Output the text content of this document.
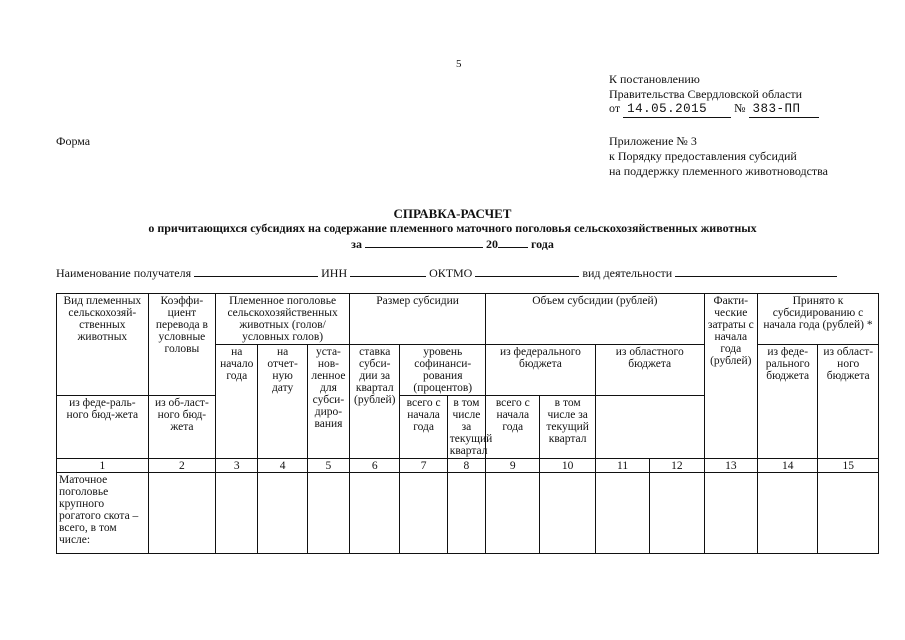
5
К постановлению
Правительства Свердловской области
от 14.05.2015 № 383-ПП
Форма	Приложение № 3
к Порядку предоставления субсидий
на поддержку племенного животноводства
СПРАВКА-РАСЧЕТ
о причитающихся субсидиях на содержание племенного маточного поголовья сельскохозяйственных животных
за	20	года
Наименование получателя	ИНН	ОКТМО	вид деятельности
Вид племенных сельскохозяй-ственных животных	Коэффи-циент перевода в условные головы	Племенное поголовье сельскохозяйственных животных (голов/ условных голов)			Размер субсидии			Объем субсидии (рублей)				Факти-ческие затраты с начала года (рублей)	Принято к субсидированию с начала года (рублей) *	
		на начало года	на отчет-ную дату	уста-нов-ленное для субси-диро-вания	ставка субси-дии за квартал (рублей)	уровень софинанси-рования (процентов)		из федерального бюджета		из областного бюджета			из феде-рального бюджета	из област-ного бюджета
из феде-раль-ного бюд-жета	из об-ласт-ного бюд-жета					всего с начала года	в том числе за текущий квартал	всего с начала года	в том числе за текущий квартал					
1	2	3	4	5	6	7	8	9	10	11	12	13	14	15
Маточное поголовье крупного рогатого скота – всего, в том числе:														
